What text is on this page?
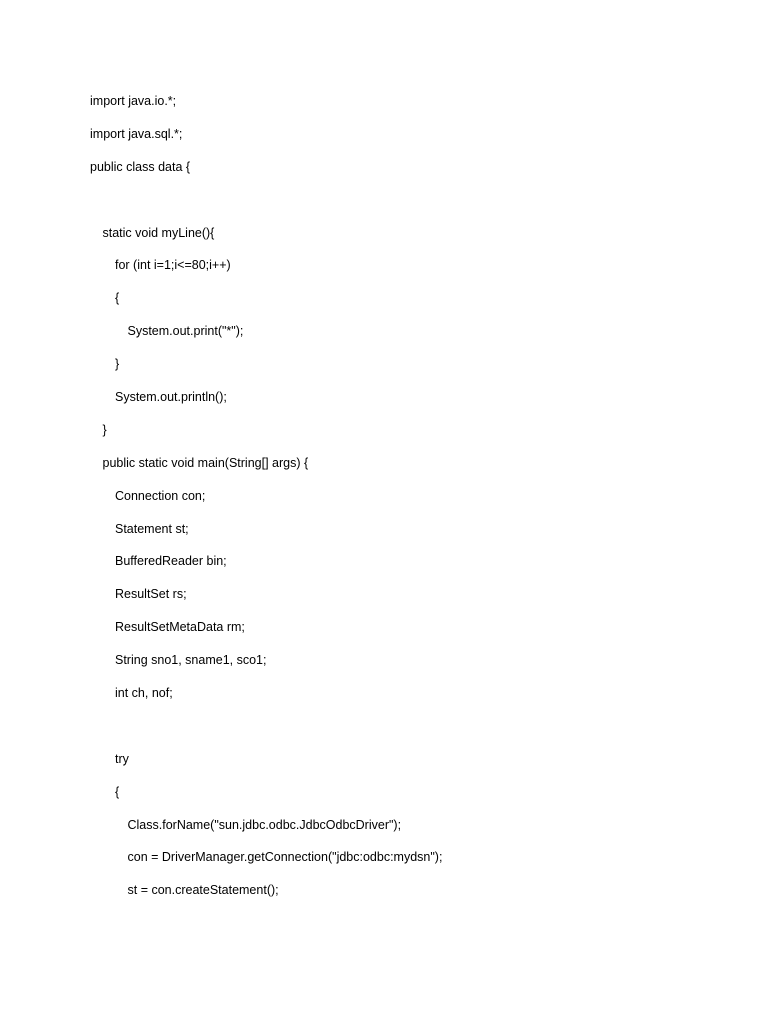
import java.io.*;
import java.sql.*;
public class data {
static void myLine(){
for (int i=1;i<=80;i++)
{
System.out.print("*");
}
System.out.println();
}
public static void main(String[] args) {
Connection con;
Statement st;
BufferedReader bin;
ResultSet rs;
ResultSetMetaData rm;
String sno1, sname1, sco1;
int ch, nof;
try
{
Class.forName("sun.jdbc.odbc.JdbcOdbcDriver");
con = DriverManager.getConnection("jdbc:odbc:mydsn");
st = con.createStatement();
